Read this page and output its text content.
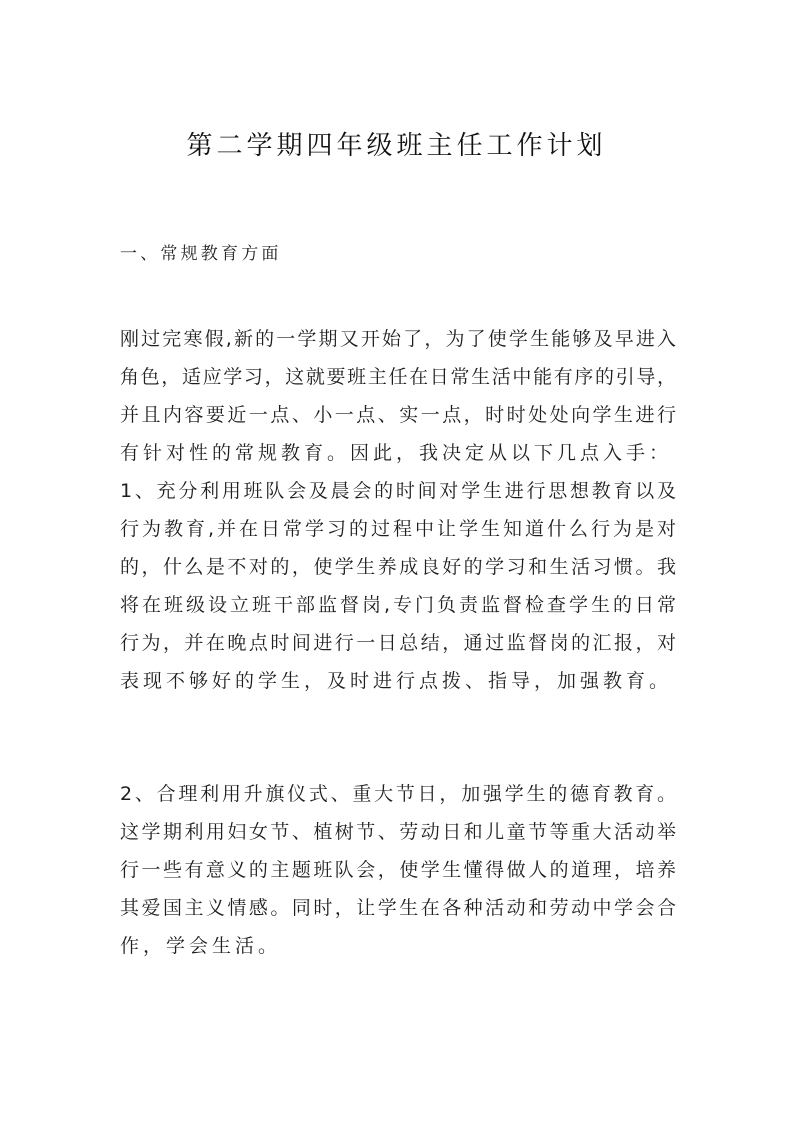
第二学期四年级班主任工作计划
一、常规教育方面
刚过完寒假,新的一学期又开始了，为了使学生能够及早进入
角色，适应学习，这就要班主任在日常生活中能有序的引导，
并且内容要近一点、小一点、实一点，时时处处向学生进行
有针对性的常规教育。因此，我决定从以下几点入手：
1、充分利用班队会及晨会的时间对学生进行思想教育以及
行为教育,并在日常学习的过程中让学生知道什么行为是对
的，什么是不对的，使学生养成良好的学习和生活习惯。我
将在班级设立班干部监督岗,专门负责监督检查学生的日常
行为，并在晚点时间进行一日总结，通过监督岗的汇报，对
表现不够好的学生，及时进行点拨、指导，加强教育。
2、合理利用升旗仪式、重大节日，加强学生的德育教育。
这学期利用妇女节、植树节、劳动日和儿童节等重大活动举
行一些有意义的主题班队会，使学生懂得做人的道理，培养
其爱国主义情感。同时，让学生在各种活动和劳动中学会合
作，学会生活。
